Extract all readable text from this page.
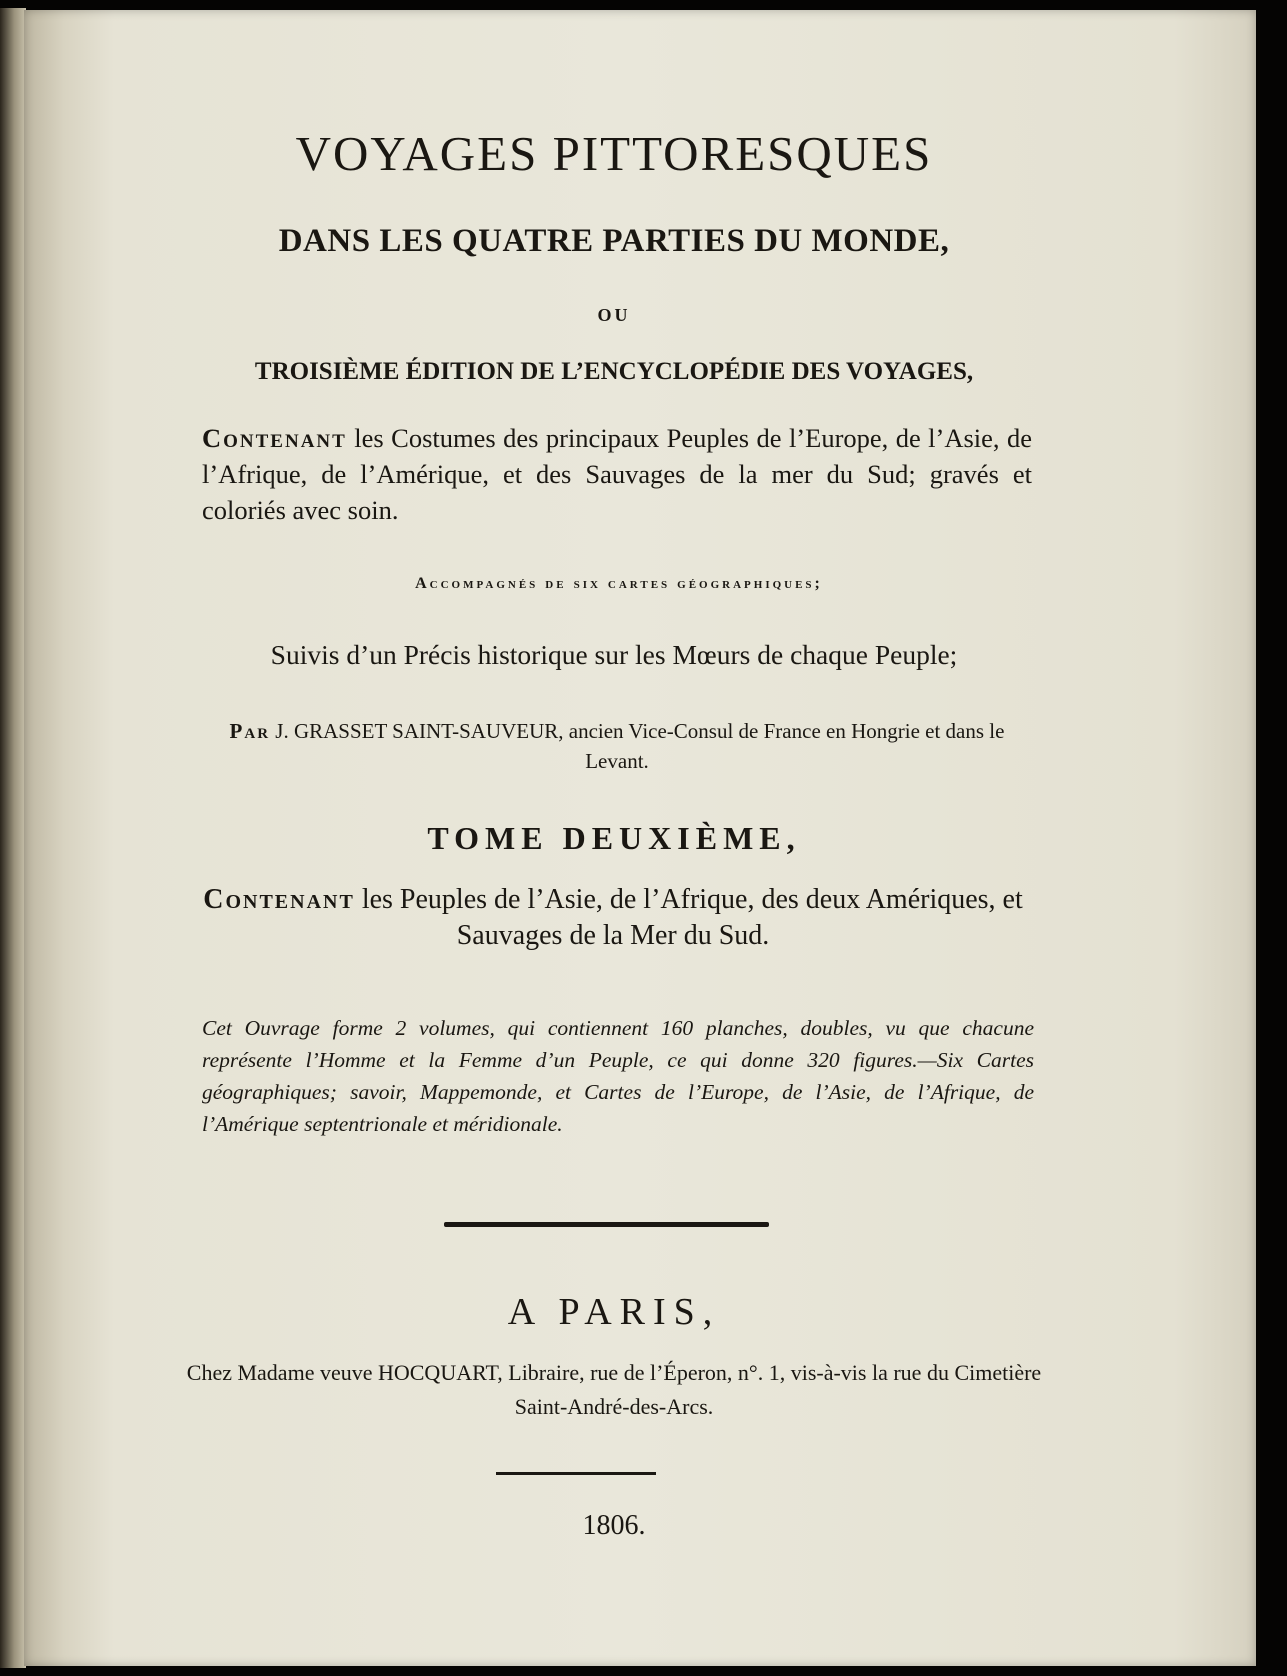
VOYAGES PITTORESQUES
DANS LES QUATRE PARTIES DU MONDE,
OU
TROISIÈME ÉDITION DE L’ENCYCLOPÉDIE DES VOYAGES,
Contenant les Costumes des principaux Peuples de l’Europe, de l’Asie, de l’Afrique, de l’Amérique, et des Sauvages de la mer du Sud; gravés et coloriés avec soin.
Accompagnés de six cartes géographiques;
Suivis d’un Précis historique sur les Mœurs de chaque Peuple;
Par J. GRASSET SAINT-SAUVEUR, ancien Vice-Consul de France en Hongrie et dans le Levant.
TOME DEUXIÈME,
Contenant les Peuples de l’Asie, de l’Afrique, des deux Amériques, et Sauvages de la Mer du Sud.
Cet Ouvrage forme 2 volumes, qui contiennent 160 planches, doubles, vu que chacune représente l’Homme et la Femme d’un Peuple, ce qui donne 320 figures.—Six Cartes géographiques; savoir, Mappemonde, et Cartes de l’Europe, de l’Asie, de l’Afrique, de l’Amérique septentrionale et méridionale.
A PARIS,
Chez Madame veuve HOCQUART, Libraire, rue de l’Éperon, n°. 1, vis-à-vis la rue du Cimetière Saint-André-des-Arcs.
1806.
